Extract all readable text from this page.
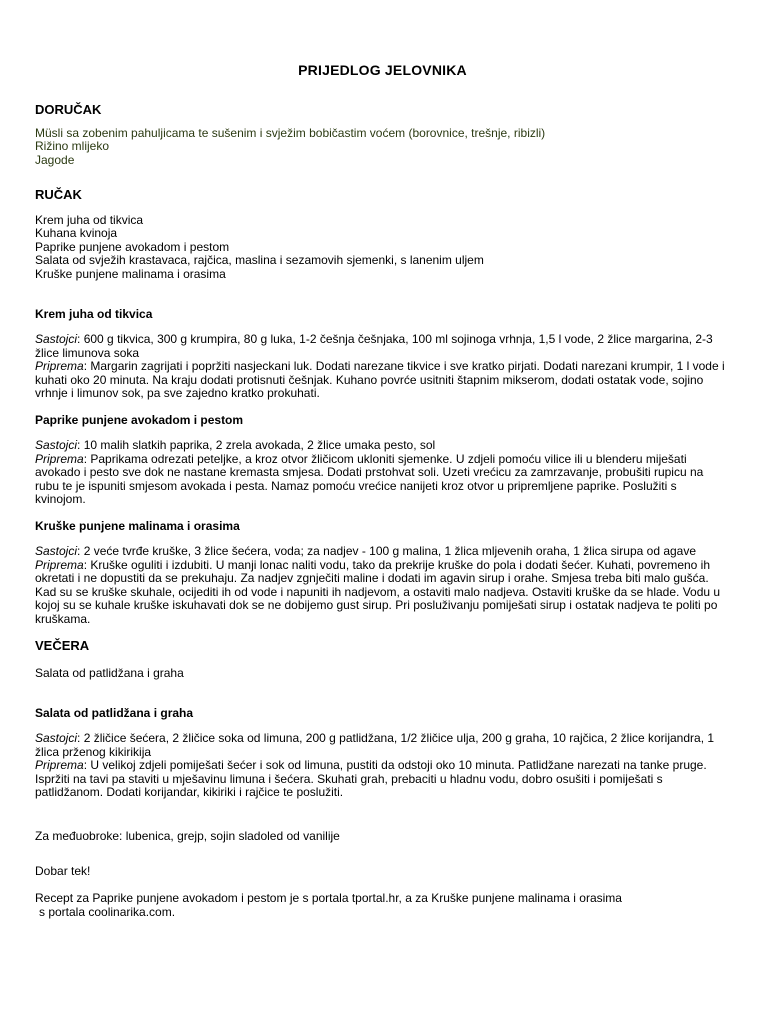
PRIJEDLOG JELOVNIKA
DORUČAK
Müsli sa zobenim pahuljicama te sušenim i svježim bobičastim voćem (borovnice, trešnje, ribizli)
Rižino mlijeko
Jagode
RUČAK
Krem juha od tikvica
Kuhana kvinoja
Paprike punjene avokadom i pestom
Salata od svježih krastavaca, rajčica, maslina i sezamovih sjemenki, s lanenim uljem
Kruške punjene malinama i orasima
Krem juha od tikvica
Sastojci: 600 g tikvica, 300 g krumpira, 80 g luka, 1-2 češnja češnjaka, 100 ml sojinoga vrhnja, 1,5 l vode, 2 žlice margarina, 2-3 žlice limunova soka
Priprema: Margarin zagrijati i popržiti nasjeckani luk. Dodati narezane tikvice i sve kratko pirjati. Dodati narezani krumpir, 1 l vode i kuhati oko 20 minuta. Na kraju dodati protisnuti češnjak. Kuhano povrće usitniti štapnim mikserom, dodati ostatak vode, sojino vrhnje i limunov sok, pa sve zajedno kratko prokuhati.
Paprike punjene avokadom i pestom
Sastojci: 10 malih slatkih paprika, 2 zrela avokada, 2 žlice umaka pesto, sol
Priprema: Paprikama odrezati peteljke, a kroz otvor žličicom ukloniti sjemenke. U zdjeli pomoću vilice ili u blenderu miješati avokado i pesto sve dok ne nastane kremasta smjesa. Dodati prstohvat soli. Uzeti vrećicu za zamrzavanje, probušiti rupicu na rubu te je ispuniti smjesom avokada i pesta. Namaz pomoću vrećice nanijeti kroz otvor u pripremljene paprike. Poslužiti s kvinojom.
Kruške punjene malinama i orasima
Sastojci: 2 veće tvrđe kruške, 3 žlice šećera, voda; za nadjev - 100 g malina, 1 žlica mljevenih oraha, 1 žlica sirupa od agave
Priprema: Kruške oguliti i izdubiti. U manji lonac naliti vodu, tako da prekrije kruške do pola i dodati šećer. Kuhati, povremeno ih okretati i ne dopustiti da se prekuhaju. Za nadjev zgnječiti maline i dodati im agavin sirup i orahe. Smjesa treba biti malo gušća. Kad su se kruške skuhale, ocijediti ih od vode i napuniti ih nadjevom, a ostaviti malo nadjeva. Ostaviti kruške da se hlade. Vodu u kojoj su se kuhale kruške iskuhavati dok se ne dobijemo gust sirup. Pri posluživanju pomiješati sirup i ostatak nadjeva te politi po kruškama.
VEČERA
Salata od patlidžana i graha
Salata od patlidžana i graha
Sastojci: 2 žličice šećera, 2 žličice soka od limuna, 200 g patlidžana, 1/2 žličice ulja, 200 g graha, 10 rajčica, 2 žlice korijandra, 1 žlica prženog kikirikija
Priprema: U velikoj zdjeli pomiješati šećer i sok od limuna, pustiti da odstoji oko 10 minuta. Patlidžane narezati na tanke pruge. Ispržiti na tavi pa staviti u mješavinu limuna i šećera. Skuhati grah, prebaciti u hladnu vodu, dobro osušiti i pomiješati s patlidžanom. Dodati korijandar, kikiriki i rajčice te poslužiti.
Za međuobroke: lubenica, grejp, sojin sladoled od vanilije
Dobar tek!
Recept za Paprike punjene avokadom i pestom je s portala tportal.hr, a za Kruške punjene malinama i orasima
s portala coolinarika.com.
